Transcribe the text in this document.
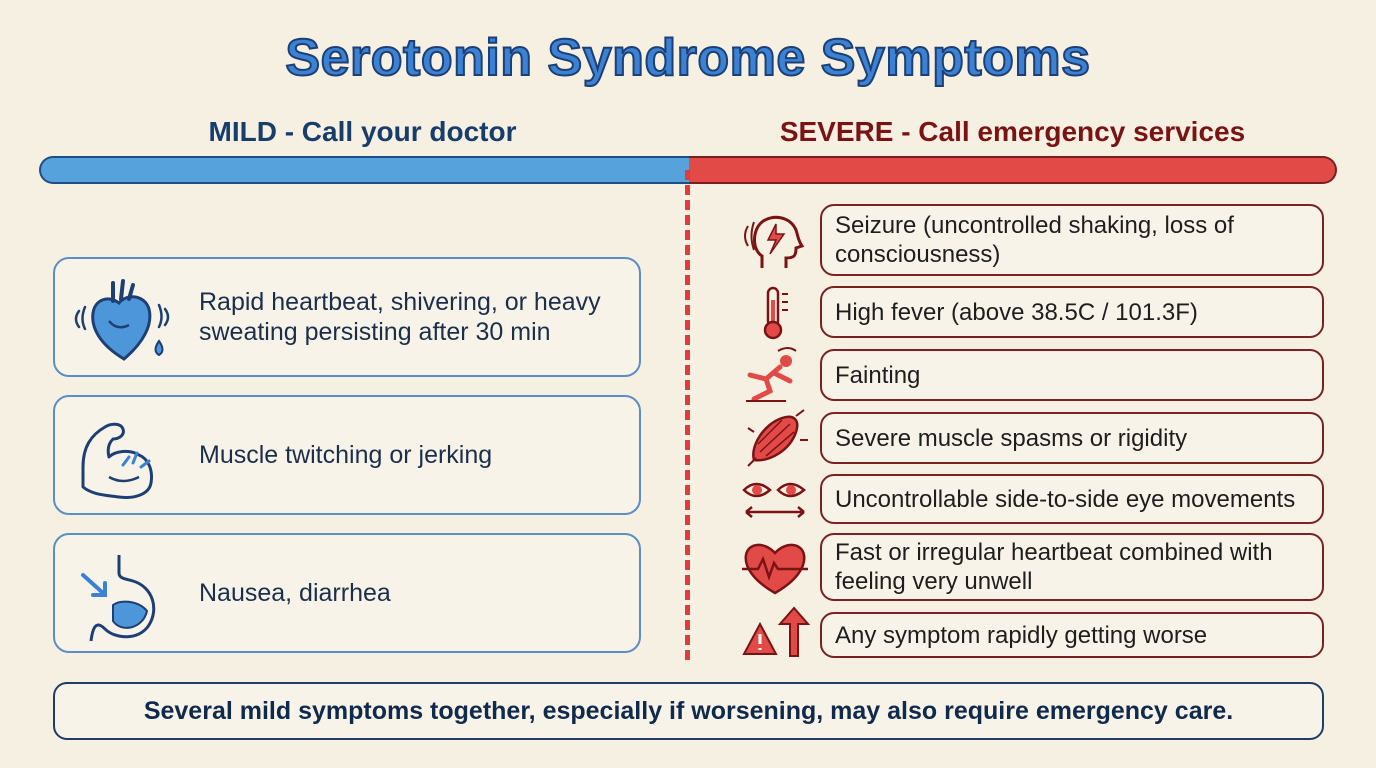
Serotonin Syndrome Symptoms
MILD - Call your doctor	SEVERE - Call emergency services
Rapid heartbeat, shivering, or heavy sweating persisting after 30 min
Muscle twitching or jerking
Nausea, diarrhea
Seizure (uncontrolled shaking, loss of consciousness)
High fever (above 38.5C / 101.3F)
Fainting
Severe muscle spasms or rigidity
Uncontrollable side-to-side eye movements
Fast or irregular heartbeat combined with feeling very unwell
Any symptom rapidly getting worse
Several mild symptoms together, especially if worsening, may also require emergency care.
